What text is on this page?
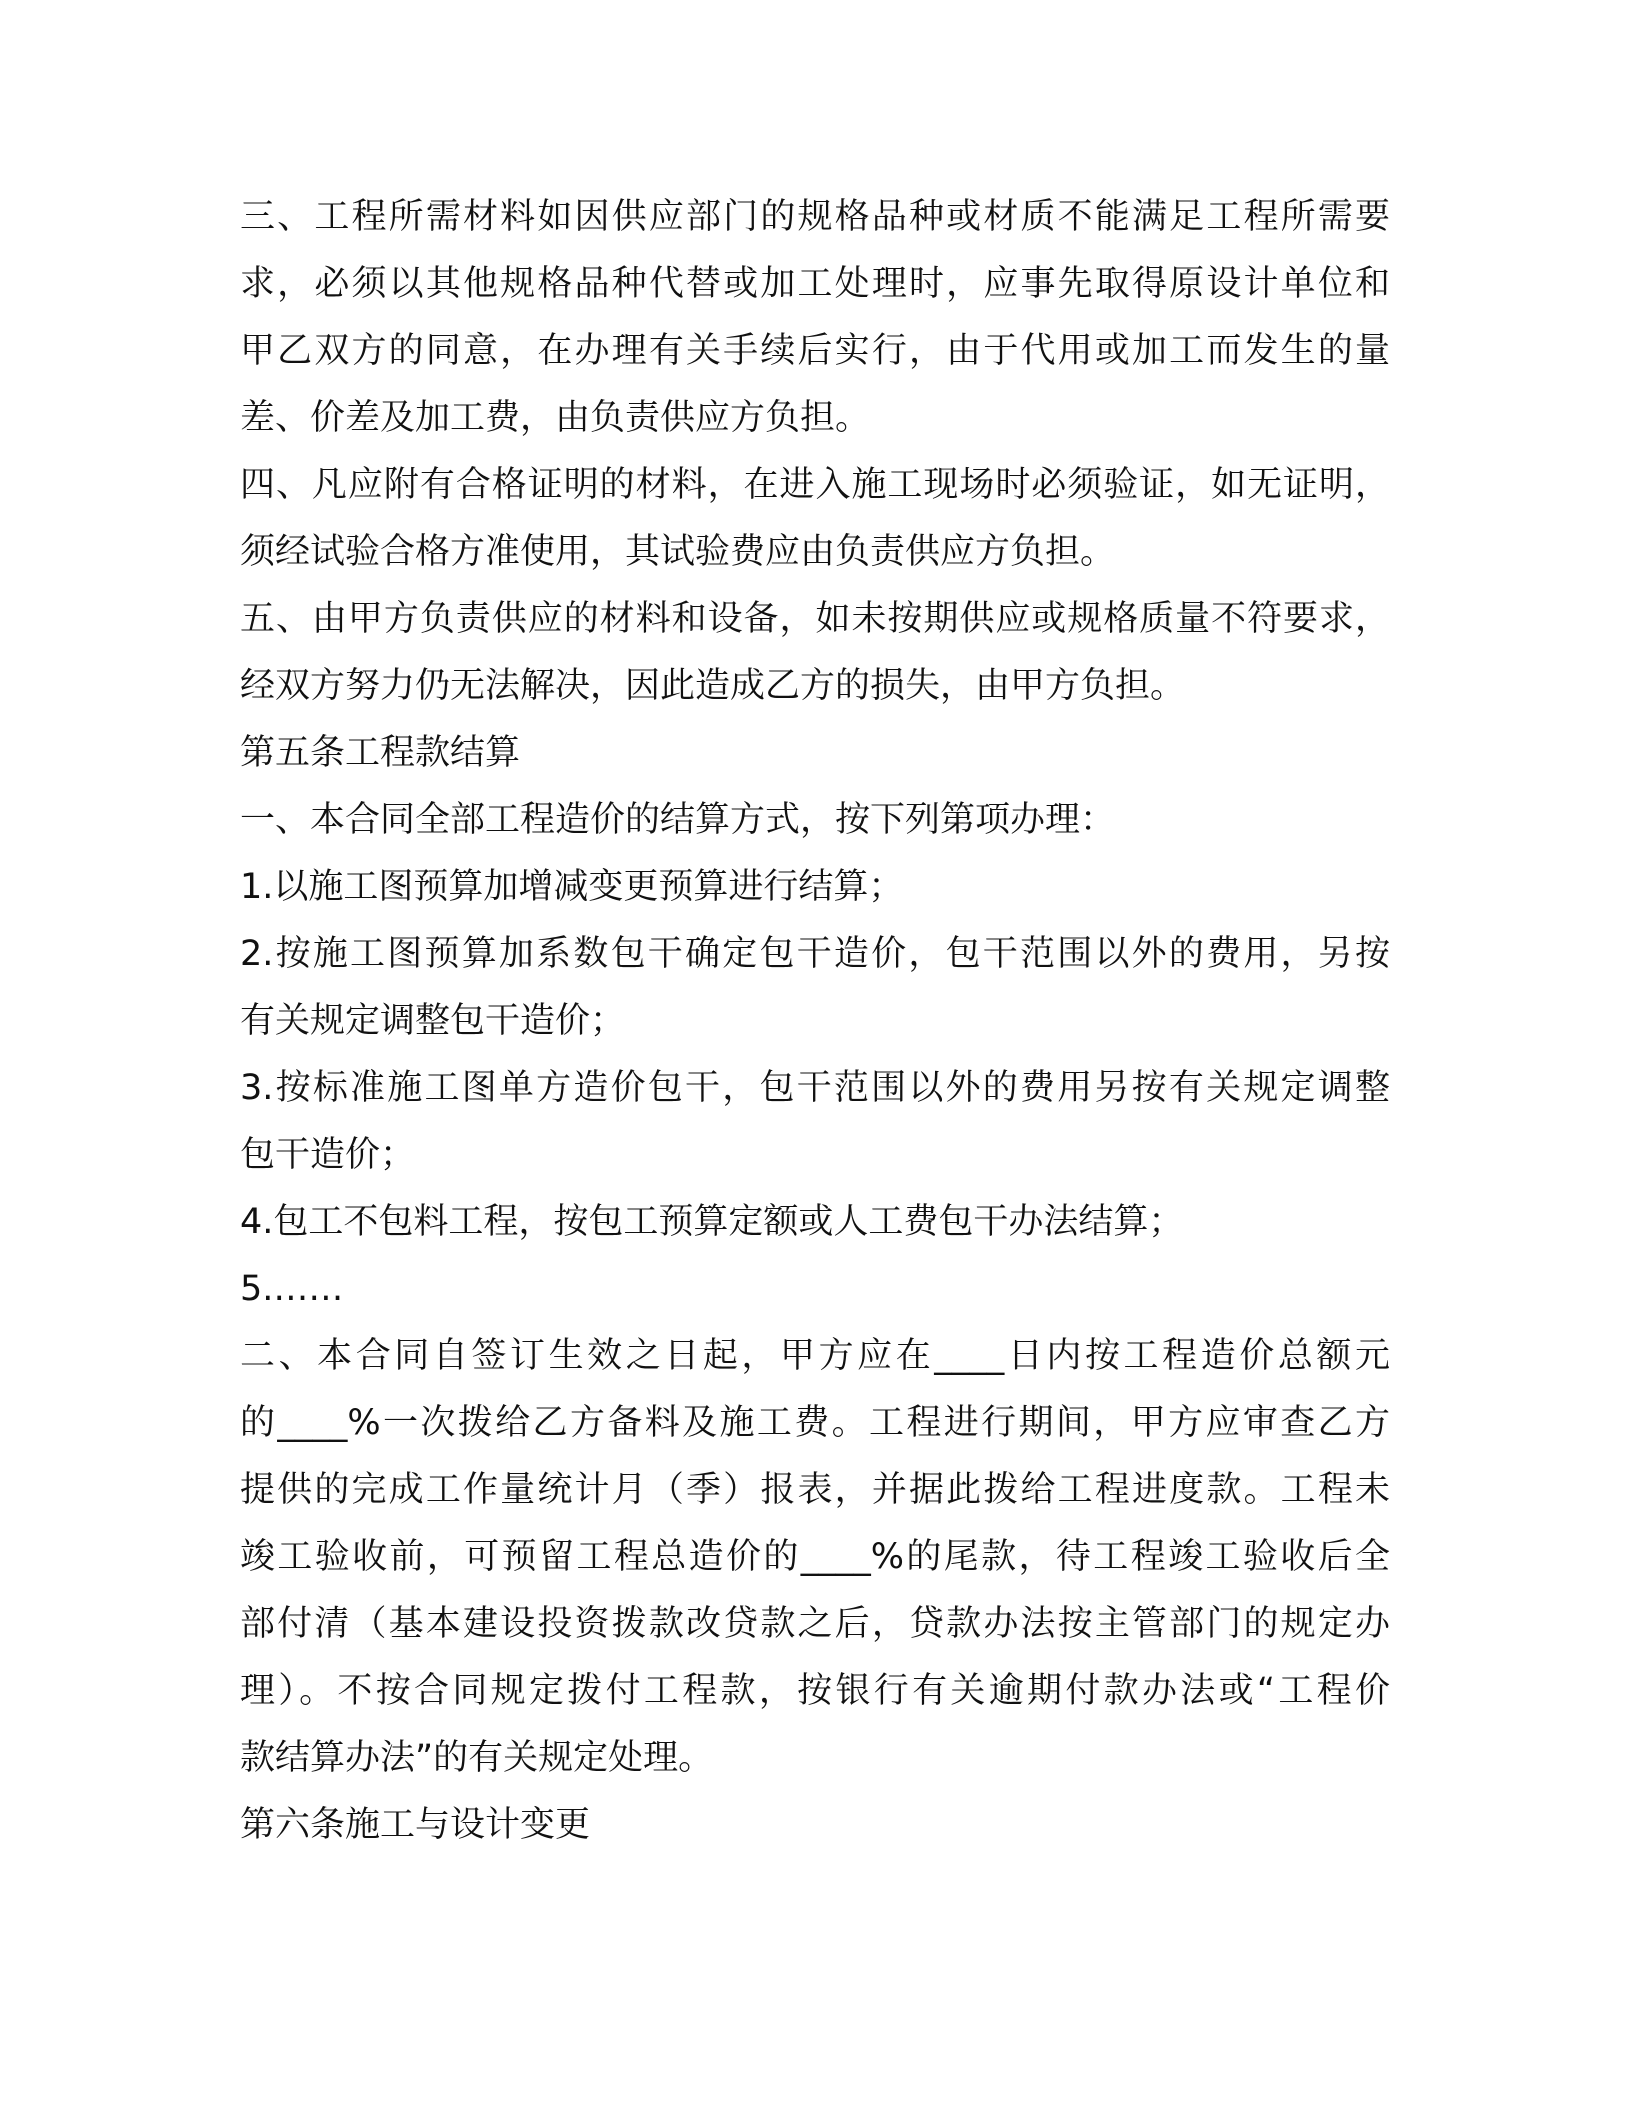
三、工程所需材料如因供应部门的规格品种或材质不能满足工程所需要
求，必须以其他规格品种代替或加工处理时，应事先取得原设计单位和
甲乙双方的同意，在办理有关手续后实行，由于代用或加工而发生的量
差、价差及加工费，由负责供应方负担。
四、凡应附有合格证明的材料，在进入施工现场时必须验证，如无证明，
须经试验合格方准使用，其试验费应由负责供应方负担。
五、由甲方负责供应的材料和设备，如未按期供应或规格质量不符要求，
经双方努力仍无法解决，因此造成乙方的损失，由甲方负担。
第五条工程款结算
一、本合同全部工程造价的结算方式，按下列第项办理：
1.以施工图预算加增减变更预算进行结算；
2.按施工图预算加系数包干确定包干造价，包干范围以外的费用，另按
有关规定调整包干造价；
3.按标准施工图单方造价包干，包干范围以外的费用另按有关规定调整
包干造价；
4.包工不包料工程，按包工预算定额或人工费包干办法结算；
5.……
二、本合同自签订生效之日起，甲方应在____日内按工程造价总额元
的____%一次拨给乙方备料及施工费。工程进行期间，甲方应审查乙方
提供的完成工作量统计月（季）报表，并据此拨给工程进度款。工程未
竣工验收前，可预留工程总造价的____%的尾款，待工程竣工验收后全
部付清（基本建设投资拨款改贷款之后，贷款办法按主管部门的规定办
理）。不按合同规定拨付工程款，按银行有关逾期付款办法或“工程价
款结算办法”的有关规定处理。
第六条施工与设计变更
